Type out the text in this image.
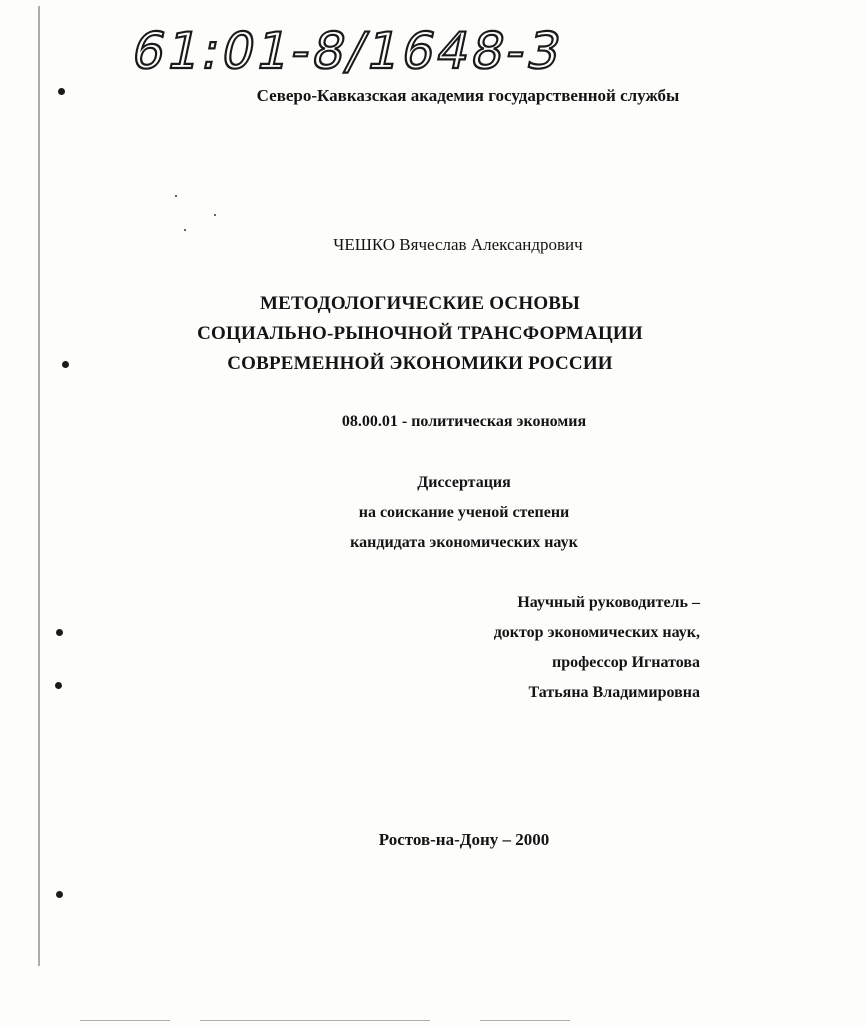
61:01-8/1648-3
Северо-Кавказская академия государственной службы
ЧЕШКО Вячеслав Александрович
МЕТОДОЛОГИЧЕСКИЕ ОСНОВЫ
СОЦИАЛЬНО-РЫНОЧНОЙ ТРАНСФОРМАЦИИ
СОВРЕМЕННОЙ ЭКОНОМИКИ РОССИИ
08.00.01 - политическая экономия
Диссертация
на соискание ученой степени
кандидата экономических наук
Научный руководитель –
доктор экономических наук,
профессор Игнатова
Татьяна Владимировна
Ростов-на-Дону – 2000
